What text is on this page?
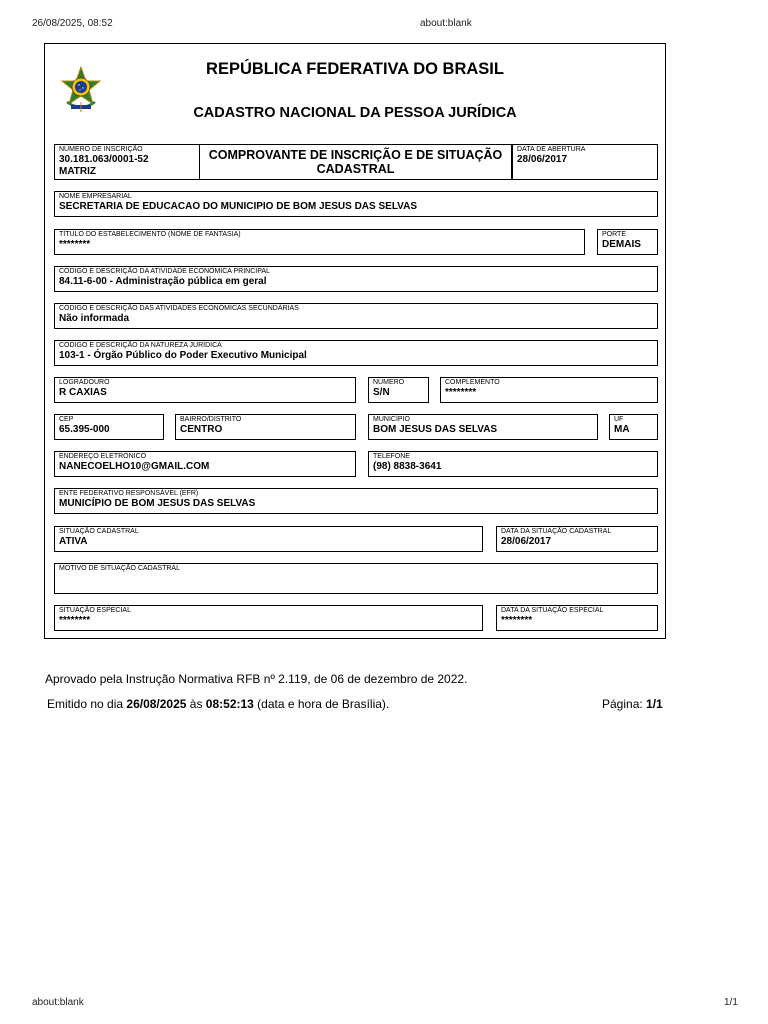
26/08/2025, 08:52	about:blank
about:blank	1/1
REPÚBLICA FEDERATIVA DO BRASIL
CADASTRO NACIONAL DA PESSOA JURÍDICA
NÚMERO DE INSCRIÇÃO
30.181.063/0001-52
MATRIZ
COMPROVANTE DE INSCRIÇÃO E DE SITUAÇÃO CADASTRAL
DATA DE ABERTURA
28/06/2017
NOME EMPRESARIAL
SECRETARIA DE EDUCACAO DO MUNICIPIO DE BOM JESUS DAS SELVAS
TÍTULO DO ESTABELECIMENTO (NOME DE FANTASIA)
********
PORTE
DEMAIS
CÓDIGO E DESCRIÇÃO DA ATIVIDADE ECONÔMICA PRINCIPAL
84.11-6-00 - Administração pública em geral
CÓDIGO E DESCRIÇÃO DAS ATIVIDADES ECONÔMICAS SECUNDÁRIAS
Não informada
CÓDIGO E DESCRIÇÃO DA NATUREZA JURÍDICA
103-1 - Órgão Público do Poder Executivo Municipal
LOGRADOURO
R CAXIAS
NÚMERO
S/N
COMPLEMENTO
********
CEP
65.395-000
BAIRRO/DISTRITO
CENTRO
MUNICÍPIO
BOM JESUS DAS SELVAS
UF
MA
ENDEREÇO ELETRÔNICO
NANECOELHO10@GMAIL.COM
TELEFONE
(98) 8838-3641
ENTE FEDERATIVO RESPONSÁVEL (EFR)
MUNICÍPIO DE BOM JESUS DAS SELVAS
SITUAÇÃO CADASTRAL
ATIVA
DATA DA SITUAÇÃO CADASTRAL
28/06/2017
MOTIVO DE SITUAÇÃO CADASTRAL
SITUAÇÃO ESPECIAL
********
DATA DA SITUAÇÃO ESPECIAL
********
Aprovado pela Instrução Normativa RFB nº 2.119, de 06 de dezembro de 2022.
Emitido no dia 26/08/2025 às 08:52:13 (data e hora de Brasília).	Página: 1/1
